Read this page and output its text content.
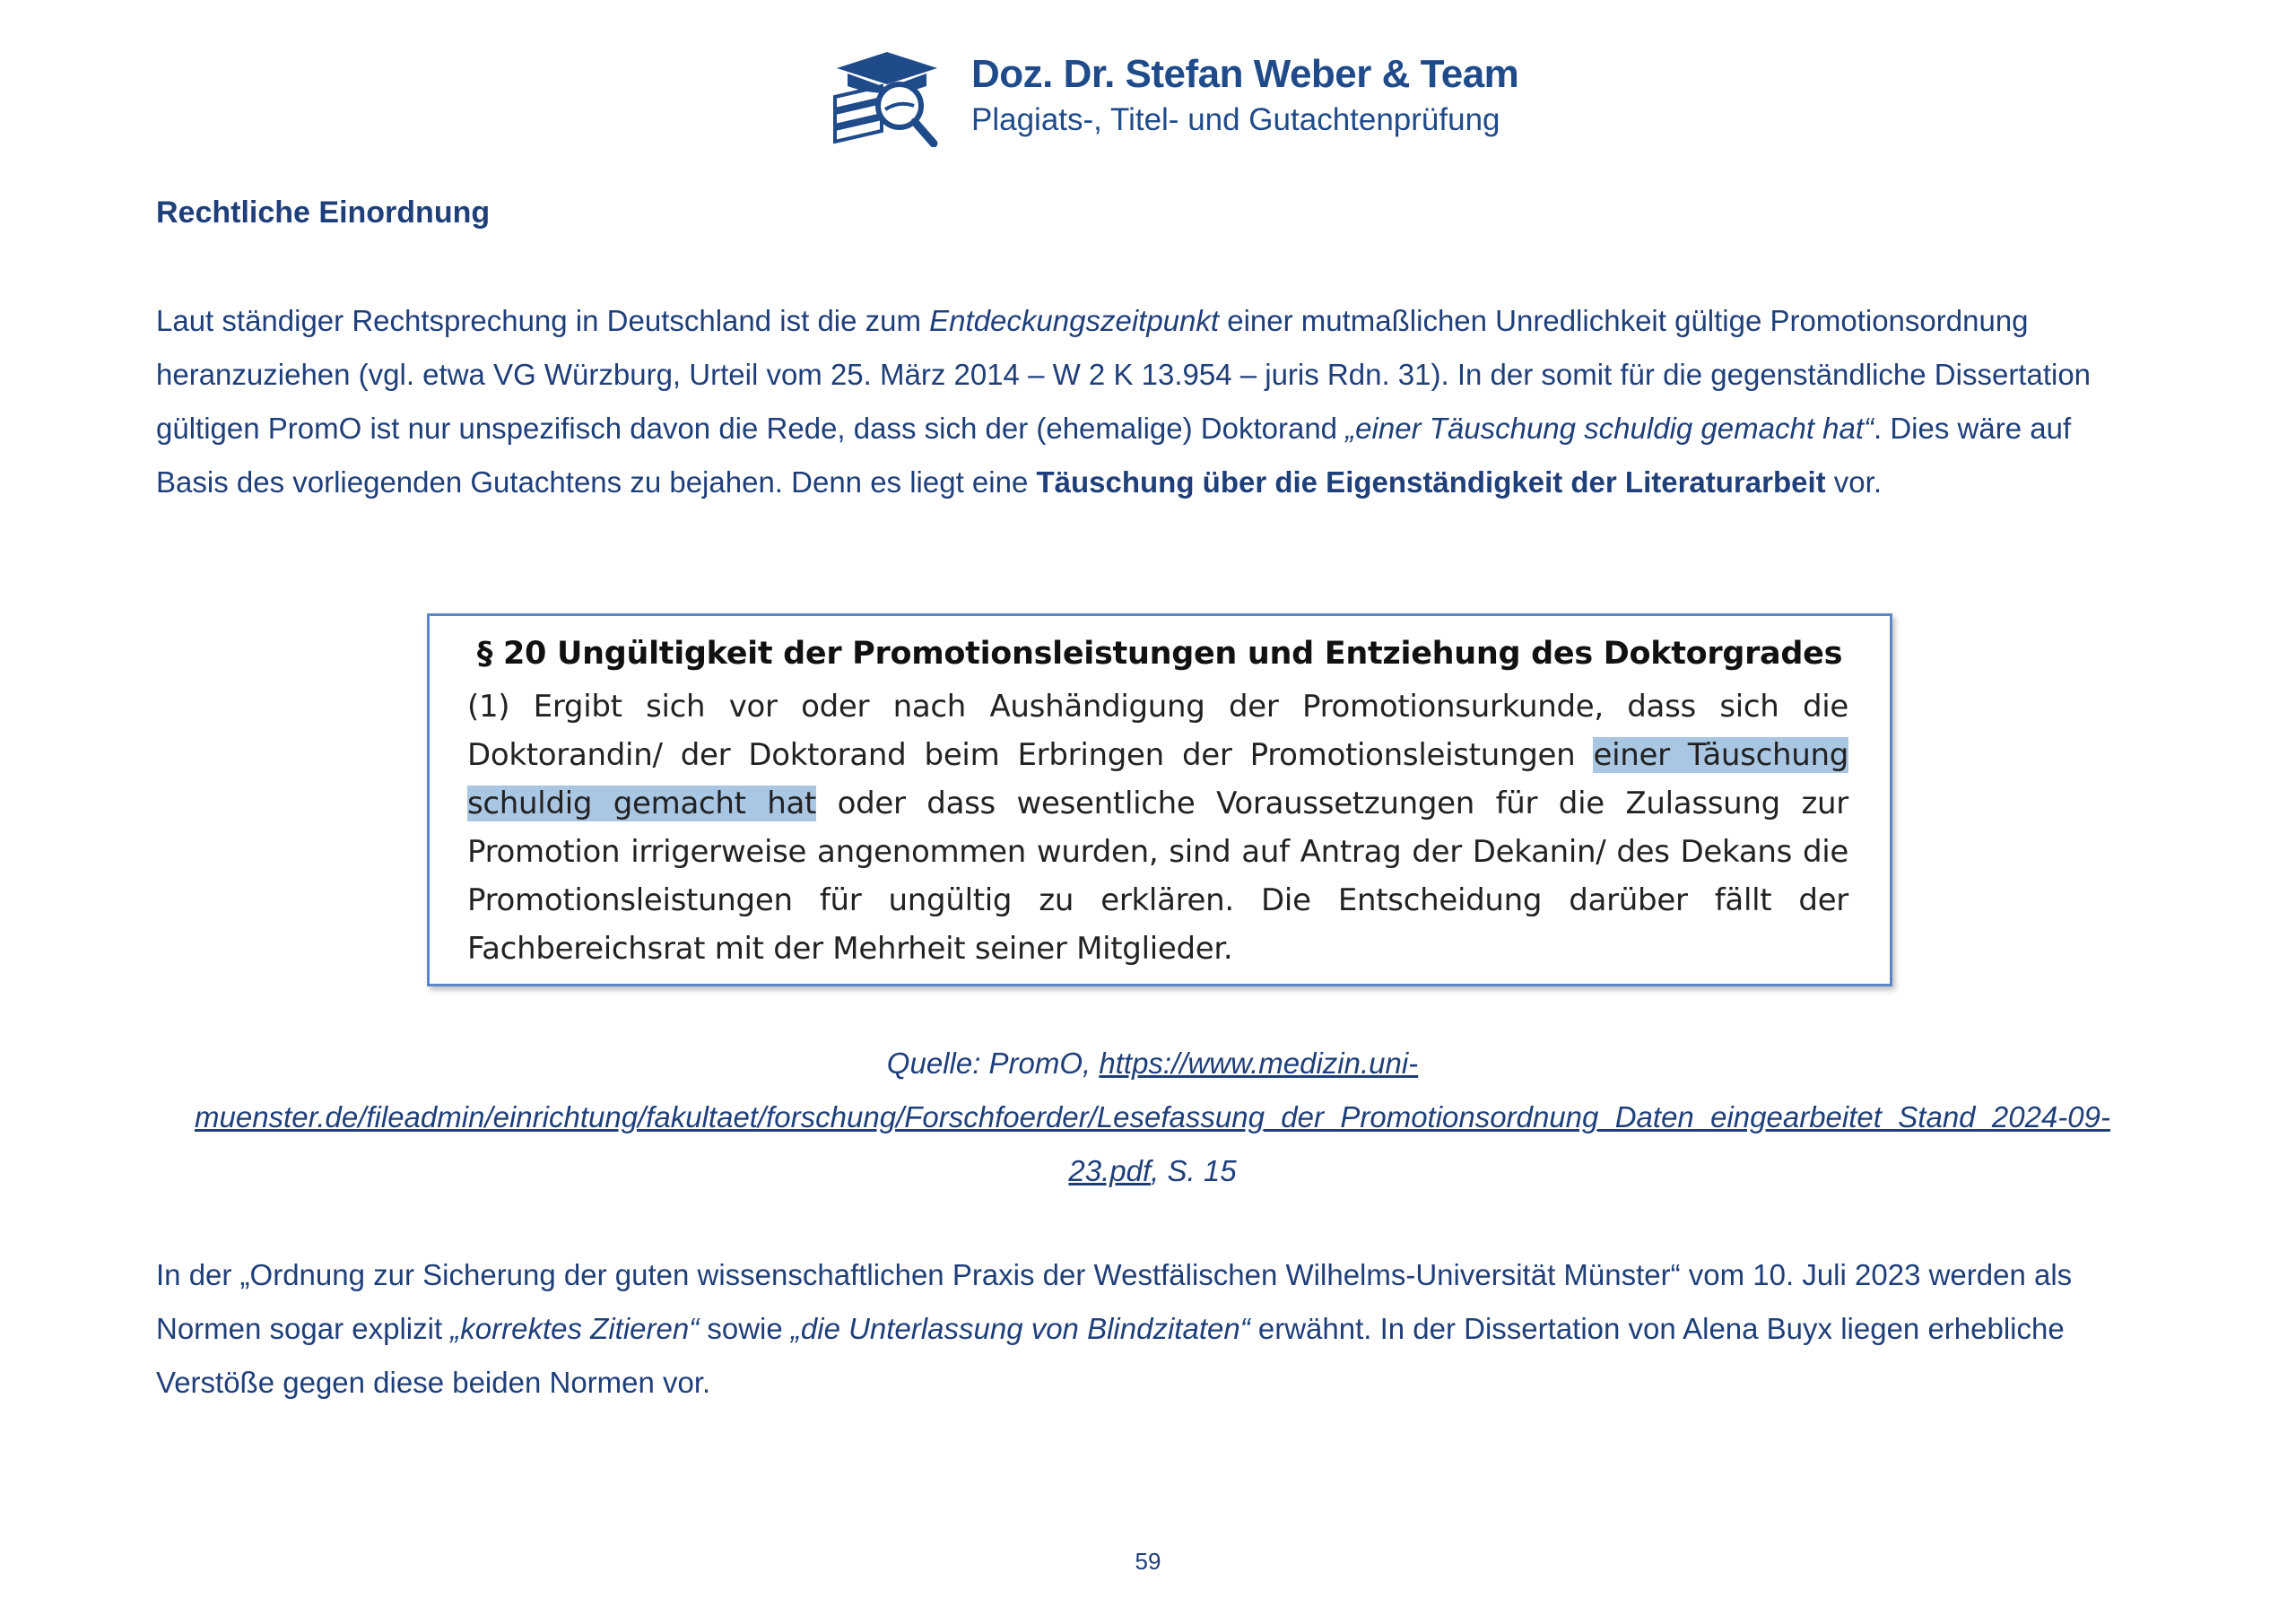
Doz. Dr. Stefan Weber & Team
Plagiats-, Titel- und Gutachtenprüfung
Rechtliche Einordnung
Laut ständiger Rechtsprechung in Deutschland ist die zum Entdeckungszeitpunkt einer mutmaßlichen Unredlichkeit gültige Promotionsordnung heranzuziehen (vgl. etwa VG Würzburg, Urteil vom 25. März 2014 – W 2 K 13.954 – juris Rdn. 31). In der somit für die gegenständliche Dissertation gültigen PromO ist nur unspezifisch davon die Rede, dass sich der (ehemalige) Doktorand „einer Täuschung schuldig gemacht hat“. Dies wäre auf Basis des vorliegenden Gutachtens zu bejahen. Denn es liegt eine Täuschung über die Eigenständigkeit der Literaturarbeit vor.
§ 20 Ungültigkeit der Promotionsleistungen und Entziehung des Doktorgrades
(1) Ergibt sich vor oder nach Aushändigung der Promotionsurkunde, dass sich die Doktorandin/ der Doktorand beim Erbringen der Promotionsleistungen einer Täuschung schuldig gemacht hat oder dass wesentliche Voraussetzungen für die Zulassung zur Promotion irrigerweise angenommen wurden, sind auf Antrag der Dekanin/ des Dekans die Promotionsleistungen für ungültig zu erklären. Die Entscheidung darüber fällt der Fachbereichsrat mit der Mehrheit seiner Mitglieder.
Quelle: PromO, https://www.medizin.uni-muenster.de/fileadmin/einrichtung/fakultaet/forschung/Forschfoerder/Lesefassung_der_Promotionsordnung_Daten_eingearbeitet_Stand_2024-09-23.pdf, S. 15
In der „Ordnung zur Sicherung der guten wissenschaftlichen Praxis der Westfälischen Wilhelms-Universität Münster“ vom 10. Juli 2023 werden als Normen sogar explizit „korrektes Zitieren“ sowie „die Unterlassung von Blindzitaten“ erwähnt. In der Dissertation von Alena Buyx liegen erhebliche Verstöße gegen diese beiden Normen vor.
59
